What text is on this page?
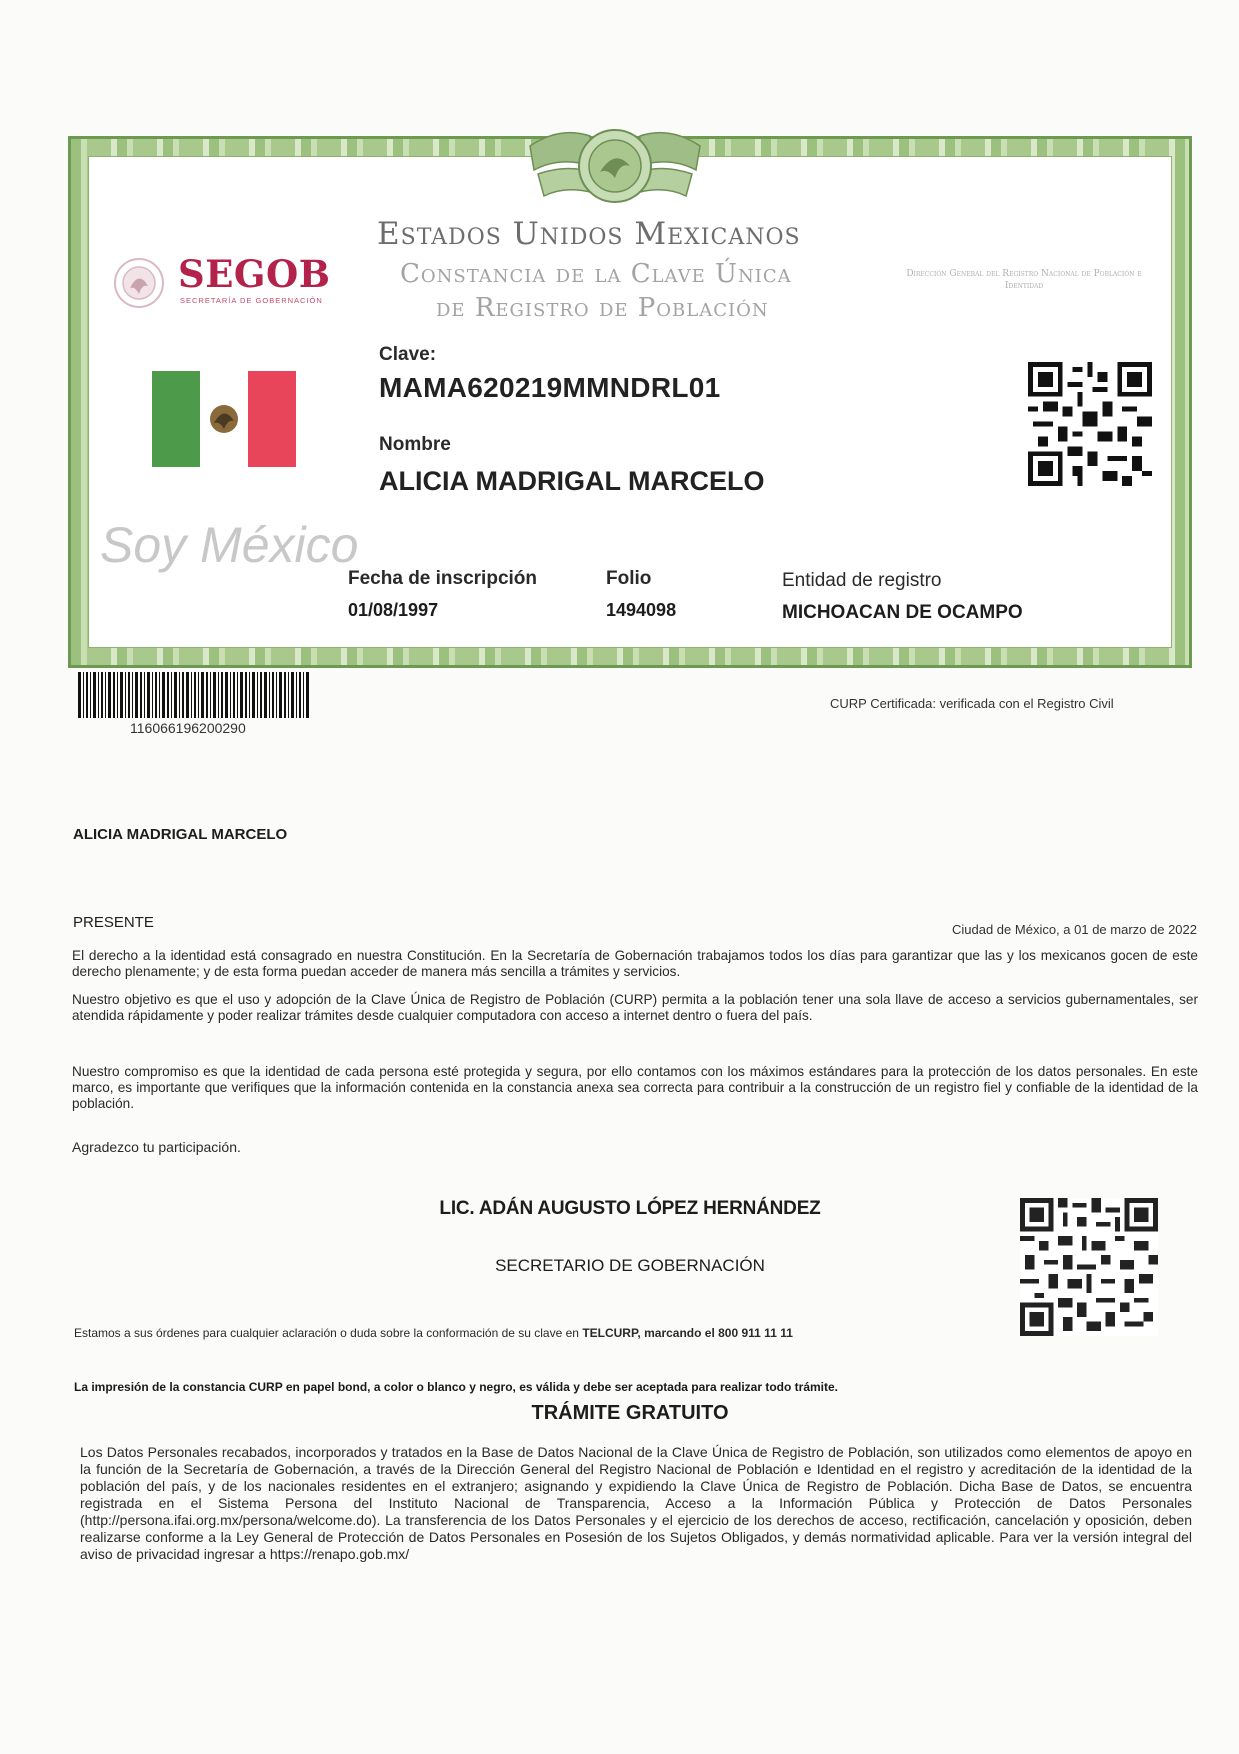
SEGOB
SECRETARÍA DE GOBERNACIÓN
Estados Unidos Mexicanos
Constancia de la Clave Única
de Registro de Población
Dirección General del Registro Nacional de Población e Identidad
Soy México
Clave:
MAMA620219MMNDRL01
Nombre
ALICIA MADRIGAL MARCELO
Fecha de inscripción
01/08/1997
Folio
1494098
Entidad de registro
MICHOACAN DE OCAMPO
116066196200290
CURP Certificada: verificada con el Registro Civil
ALICIA MADRIGAL MARCELO
PRESENTE	Ciudad de México, a 01 de marzo de 2022
El derecho a la identidad está consagrado en nuestra Constitución. En la Secretaría de Gobernación trabajamos todos los días para garantizar que las y los mexicanos gocen de este derecho plenamente; y de esta forma puedan acceder de manera más sencilla a trámites y servicios.
Nuestro objetivo es que el uso y adopción de la Clave Única de Registro de Población (CURP) permita a la población tener una sola llave de acceso a servicios gubernamentales, ser atendida rápidamente y poder realizar trámites desde cualquier computadora con acceso a internet dentro o fuera del país.
Nuestro compromiso es que la identidad de cada persona esté protegida y segura, por ello contamos con los máximos estándares para la protección de los datos personales. En este marco, es importante que verifiques que la información contenida en la constancia anexa sea correcta para contribuir a la construcción de un registro fiel y confiable de la identidad de la población.
Agradezco tu participación.
LIC. ADÁN AUGUSTO LÓPEZ HERNÁNDEZ
SECRETARIO DE GOBERNACIÓN
Estamos a sus órdenes para cualquier aclaración o duda sobre la conformación de su clave en TELCURP, marcando el 800 911 11 11
La impresión de la constancia CURP en papel bond, a color o blanco y negro, es válida y debe ser aceptada para realizar todo trámite.
TRÁMITE GRATUITO
Los Datos Personales recabados, incorporados y tratados en la Base de Datos Nacional de la Clave Única de Registro de Población, son utilizados como elementos de apoyo en la función de la Secretaría de Gobernación, a través de la Dirección General del Registro Nacional de Población e Identidad en el registro y acreditación de la identidad de la población del país, y de los nacionales residentes en el extranjero; asignando y expidiendo la Clave Única de Registro de Población. Dicha Base de Datos, se encuentra registrada en el Sistema Persona del Instituto Nacional de Transparencia, Acceso a la Información Pública y Protección de Datos Personales (http://persona.ifai.org.mx/persona/welcome.do). La transferencia de los Datos Personales y el ejercicio de los derechos de acceso, rectificación, cancelación y oposición, deben realizarse conforme a la Ley General de Protección de Datos Personales en Posesión de los Sujetos Obligados, y demás normatividad aplicable. Para ver la versión integral del aviso de privacidad ingresar a https://renapo.gob.mx/
